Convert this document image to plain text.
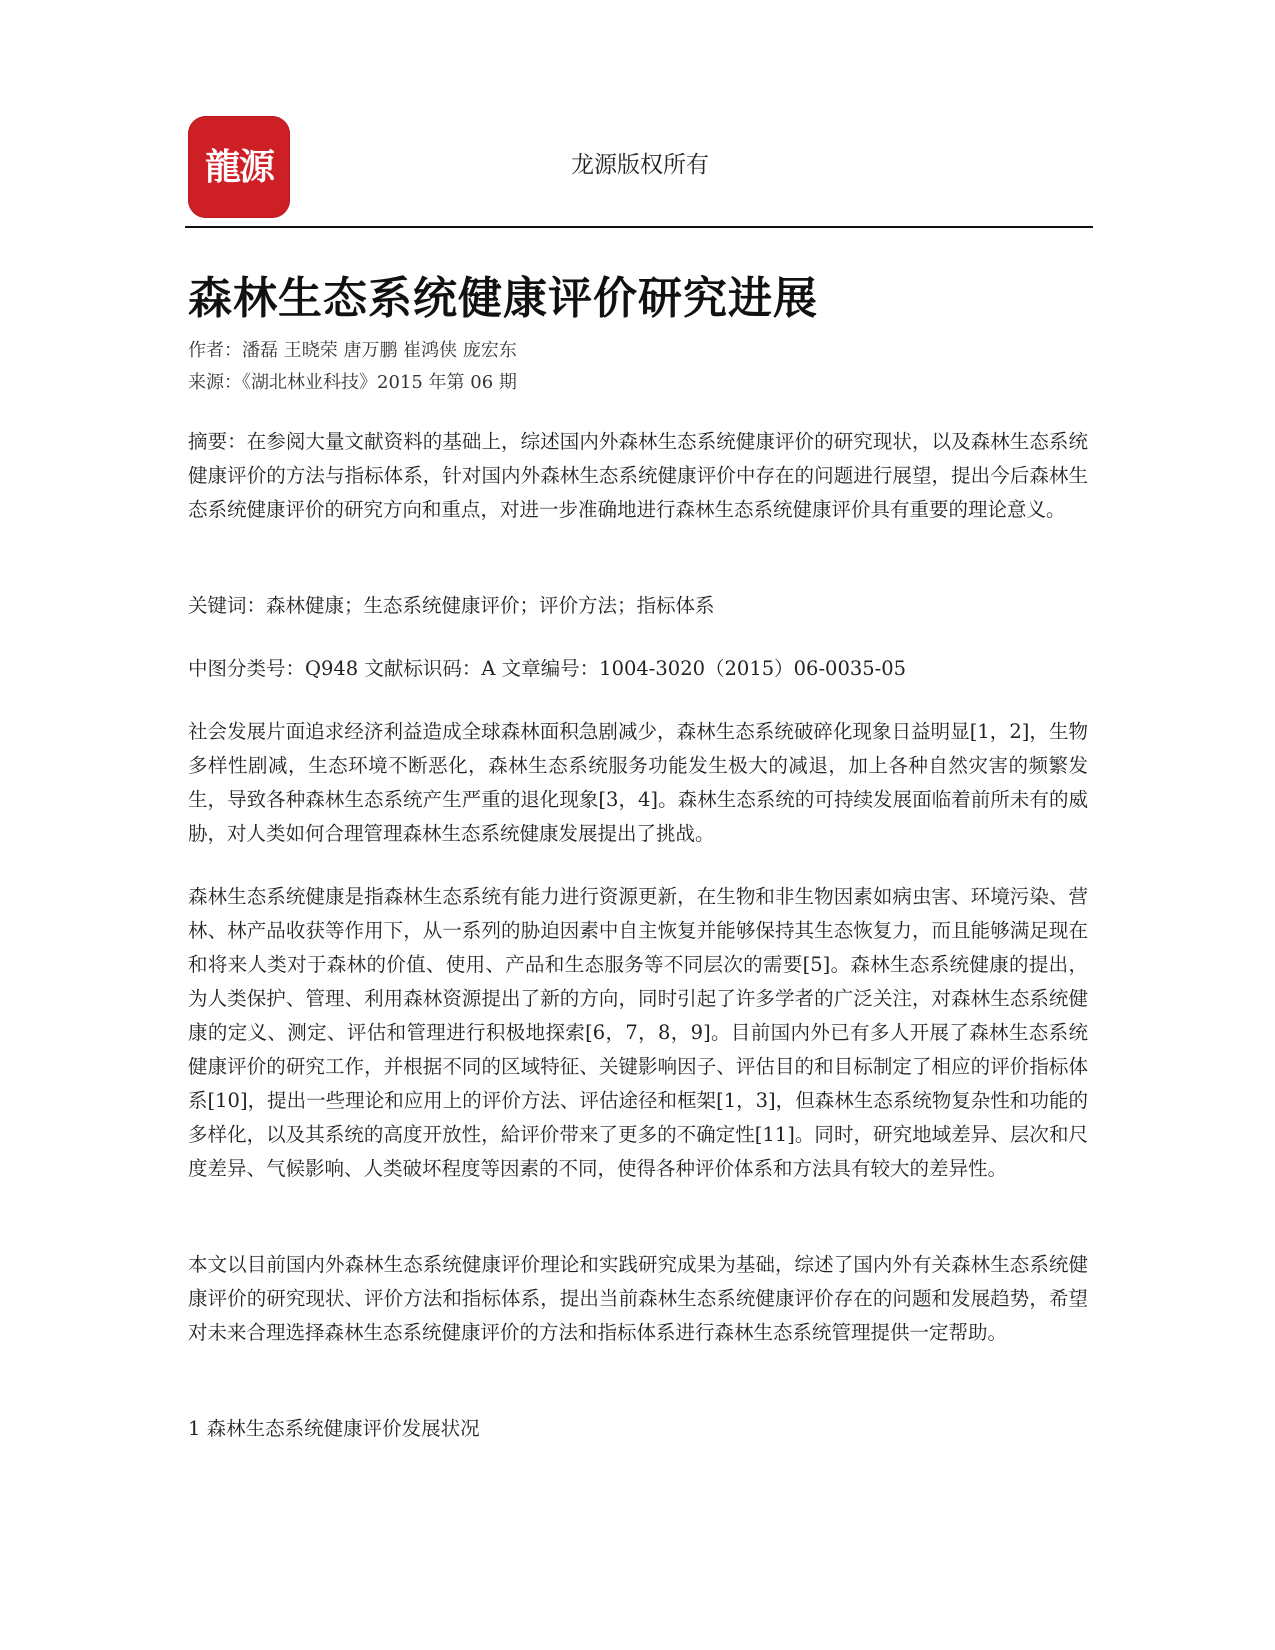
龍源	龙源版权所有
森林生态系统健康评价研究进展
作者：潘磊 王晓荣 唐万鹏 崔鸿侠 庞宏东
来源：《湖北林业科技》2015 年第 06 期

摘要：在参阅大量文献资料的基础上，综述国内外森林生态系统健康评价的研究现状，以及森林生态系统健康评价的方法与指标体系，针对国内外森林生态系统健康评价中存在的问题进行展望，提出今后森林生态系统健康评价的研究方向和重点，对进一步准确地进行森林生态系统健康评价具有重要的理论意义。

关键词：森林健康；生态系统健康评价；评价方法；指标体系

中图分类号：Q948 文献标识码：A 文章编号：1004-3020（2015）06-0035-05

社会发展片面追求经济利益造成全球森林面积急剧减少，森林生态系统破碎化现象日益明显[1，2]，生物多样性剧减，生态环境不断恶化，森林生态系统服务功能发生极大的减退，加上各种自然灾害的频繁发生，导致各种森林生态系统产生严重的退化现象[3，4]。森林生态系统的可持续发展面临着前所未有的威胁，对人类如何合理管理森林生态系统健康发展提出了挑战。

森林生态系统健康是指森林生态系统有能力进行资源更新，在生物和非生物因素如病虫害、环境污染、营林、林产品收获等作用下，从一系列的胁迫因素中自主恢复并能够保持其生态恢复力，而且能够满足现在和将来人类对于森林的价值、使用、产品和生态服务等不同层次的需要[5]。森林生态系统健康的提出，为人类保护、管理、利用森林资源提出了新的方向，同时引起了许多学者的广泛关注，对森林生态系统健康的定义、测定、评估和管理进行积极地探索[6，7，8，9]。目前国内外已有多人开展了森林生态系统健康评价的研究工作，并根据不同的区域特征、关键影响因子、评估目的和目标制定了相应的评价指标体系[10]，提出一些理论和应用上的评价方法、评估途径和框架[1，3]，但森林生态系统物复杂性和功能的多样化，以及其系统的高度开放性，給评价带来了更多的不确定性[11]。同时，研究地域差异、层次和尺度差异、气候影响、人类破坏程度等因素的不同，使得各种评价体系和方法具有较大的差异性。

本文以目前国内外森林生态系统健康评价理论和实践研究成果为基础，综述了国内外有关森林生态系统健康评价的研究现状、评价方法和指标体系，提出当前森林生态系统健康评价存在的问题和发展趋势，希望对未来合理选择森林生态系统健康评价的方法和指标体系进行森林生态系统管理提供一定帮助。

1 森林生态系统健康评价发展状况
